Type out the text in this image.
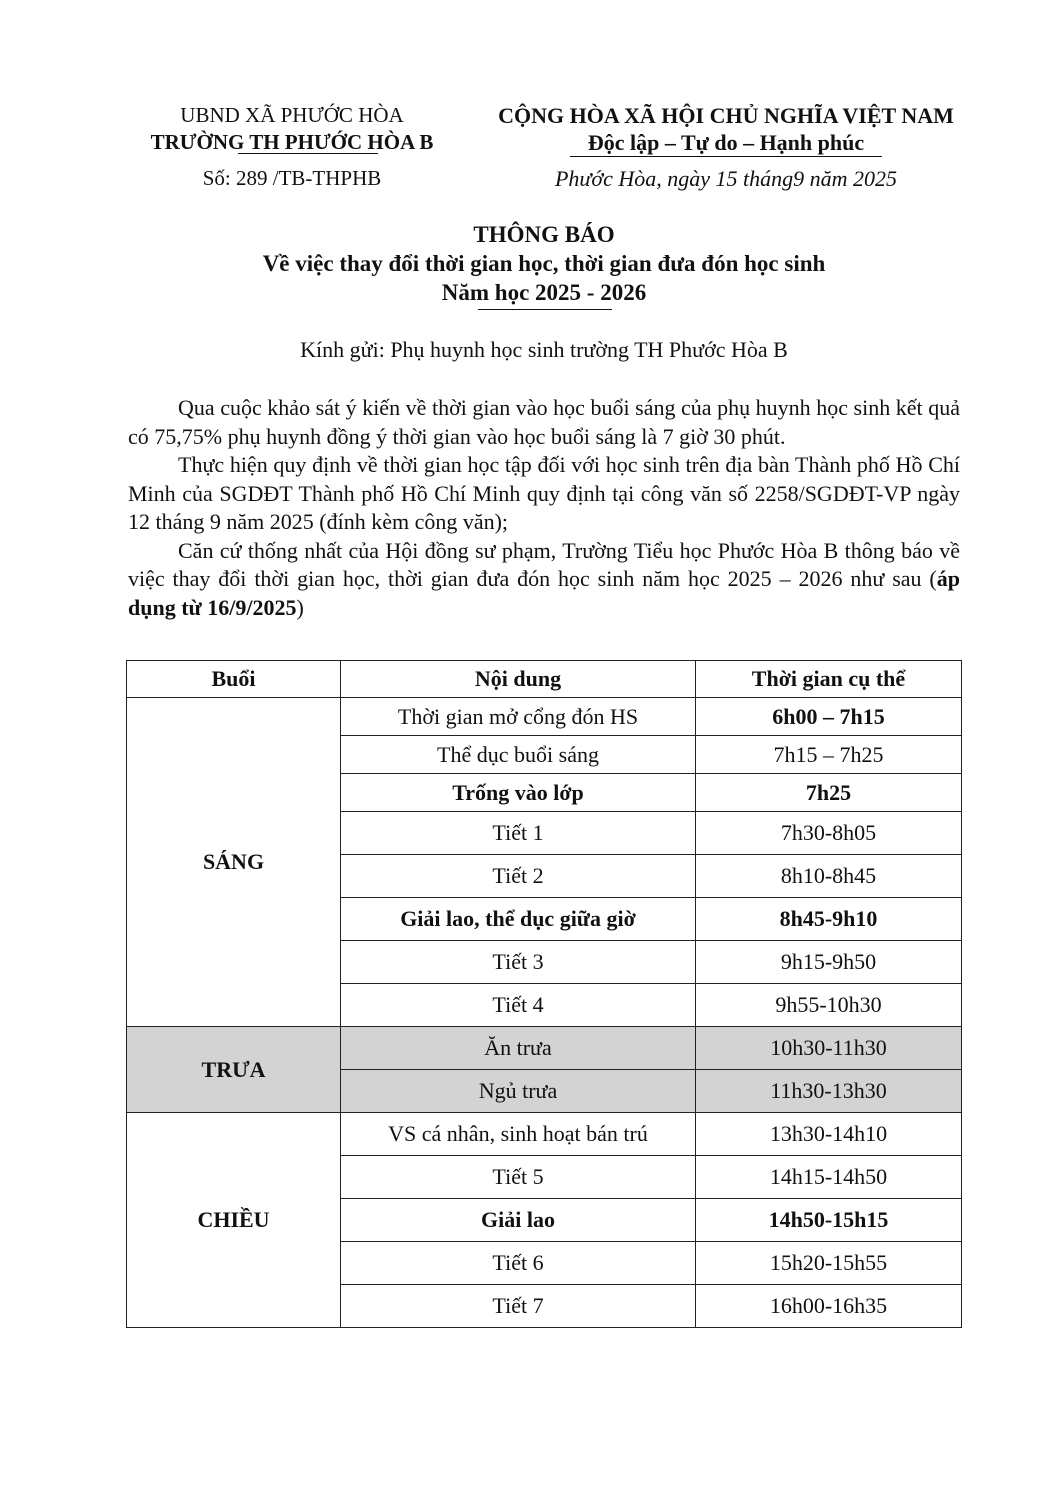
UBND XÃ PHƯỚC HÒA
TRƯỜNG TH PHƯỚC HÒA B
Số: 289 /TB-THPHB
CỘNG HÒA XÃ HỘI CHỦ NGHĨA VIỆT NAM
Độc lập – Tự do – Hạnh phúc
Phước Hòa, ngày 15 tháng9 năm 2025
THÔNG BÁO
Về việc thay đổi thời gian học, thời gian đưa đón học sinh
Năm học 2025 - 2026
Kính gửi: Phụ huynh học sinh trường TH Phước Hòa B

Qua cuộc khảo sát ý kiến về thời gian vào học buổi sáng của phụ huynh học sinh kết quả có 75,75% phụ huynh đồng ý thời gian vào học buổi sáng là 7 giờ 30 phút.

Thực hiện quy định về thời gian học tập đối với học sinh trên địa bàn Thành phố Hồ Chí Minh của SGDĐT Thành phố Hồ Chí Minh quy định tại công văn số 2258/SGDĐT-VP ngày 12 tháng 9 năm 2025 (đính kèm công văn);

Căn cứ thống nhất của Hội đồng sư phạm, Trường Tiểu học Phước Hòa B thông báo về việc thay đổi thời gian học, thời gian đưa đón học sinh năm học 2025 – 2026 như sau (áp dụng từ 16/9/2025)

Buổi	Nội dung	Thời gian cụ thể
SÁNG	Thời gian mở cổng đón HS	6h00 – 7h15
	Thể dục buổi sáng	7h15 – 7h25
	Trống vào lớp	7h25
	Tiết 1	7h30-8h05
	Tiết 2	8h10-8h45
	Giải lao, thể dục giữa giờ	8h45-9h10
	Tiết 3	9h15-9h50
	Tiết 4	9h55-10h30
TRƯA	Ăn trưa	10h30-11h30
	Ngủ trưa	11h30-13h30
CHIỀU	VS cá nhân, sinh hoạt bán trú	13h30-14h10
	Tiết 5	14h15-14h50
	Giải lao	14h50-15h15
	Tiết 6	15h20-15h55
	Tiết 7	16h00-16h35
